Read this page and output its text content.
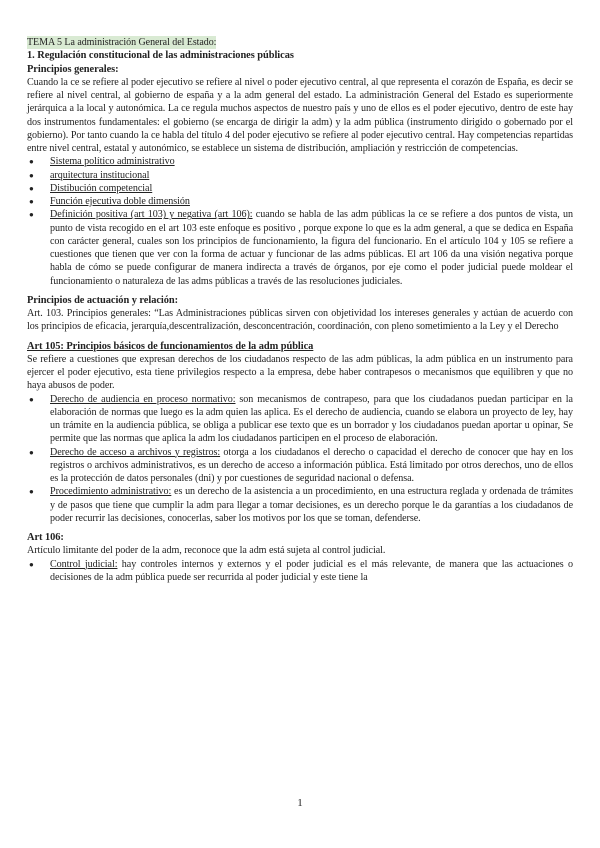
TEMA 5 La administración General del Estado:
1. Regulación constitucional de las administraciones públicas
Principios generales:

Cuando la ce se refiere al poder ejecutivo se refiere al nivel o poder ejecutivo central, al que representa el corazón de España, es decir se refiere al nivel central, al gobierno de españa y a la adm general del estado. La administración General del Estado es superiormente jerárquica a la local y autonómica. La ce regula muchos aspectos de nuestro país y uno de ellos es el poder ejecutivo, dentro de este hay dos instrumentos fundamentales: el gobierno (se encarga de dirigir la adm) y la adm pública (instrumento dirigido o gobernado por el gobierno). Por tanto cuando la ce habla del título 4 del poder ejecutivo se refiere al poder ejecutivo central. Hay competencias repartidas entre nivel central, estatal y autonómico, se establece un sistema de distribución, ampliación y restricción de competencias.

● Sistema político administrativo
● arquitectura institucional
● Distibución competencial
● Función ejecutiva doble dimensión
● Definición positiva (art 103) y negativa (art 106): cuando se habla de las adm públicas la ce se refiere a dos puntos de vista, un punto de vista recogido en el art 103 este enfoque es positivo , porque expone lo que es la adm general, a que se dedica en España con carácter general, cuales son los principios de funcionamiento, la figura del funcionario. En el artículo 104 y 105 se refiere a cuestiones que tienen que ver con la forma de actuar y funcionar de las adms públicas. El art 106 da una visión negativa porque habla de cómo se puede configurar de manera indirecta a través de órganos, por eje como el poder judicial puede moldear el funcionamiento o naturaleza de las adms públicas a través de las resoluciones judiciales.
Principios de actuación y relación:

Art. 103. Principios generales: “Las Administraciones públicas sirven con objetividad los intereses generales y actúan de acuerdo con los principios de eficacia, jerarquía,descentralización, desconcentración, coordinación, con pleno sometimiento a la Ley y el Derecho

Art 105: Principios básicos de funcionamientos de la adm pública

Se refiere a cuestiones que expresan derechos de los ciudadanos respecto de las adm públicas, la adm pública en un instrumento para ejercer el poder ejecutivo, esta tiene privilegios respecto a la empresa, debe haber contrapesos o mecanismos que equilibren y que no haya abusos de poder.

● Derecho de audiencia en proceso normativo: son mecanismos de contrapeso, para que los ciudadanos puedan participar en la elaboración de normas que luego es la adm quien las aplica. Es el derecho de audiencia, cuando se elabora un proyecto de ley, hay un trámite en la audiencia pública, se obliga a publicar ese texto que es un borrador y los ciudadanos puedan aportar u opinar, Se permite que las normas que aplica la adm los ciudadanos participen en el proceso de elaboración.
● Derecho de acceso a archivos y registros: otorga a los ciudadanos el derecho o capacidad el derecho de conocer que hay en los registros o archivos administrativos, es un derecho de acceso a información pública. Está limitado por otros derechos, uno de ellos es la protección de datos personales (dni) y por cuestiones de seguridad nacional o defensa.
● Procedimiento administrativo: es un derecho de la asistencia a un procedimiento, en una estructura reglada y ordenada de trámites y de pasos que tiene que cumplir la adm para llegar a tomar decisiones, es un derecho porque le da garantías a los ciudadanos de poder recurrir las decisiones, conocerlas, saber los motivos por los que se toman, defenderse.
Art 106:

Artículo limitante del poder de la adm, reconoce que la adm está sujeta al control judicial.

● Control judicial: hay controles internos y externos y el poder judicial es el más relevante, de manera que las actuaciones o decisiones de la adm pública puede ser recurrida al poder judicial y este tiene la
1
